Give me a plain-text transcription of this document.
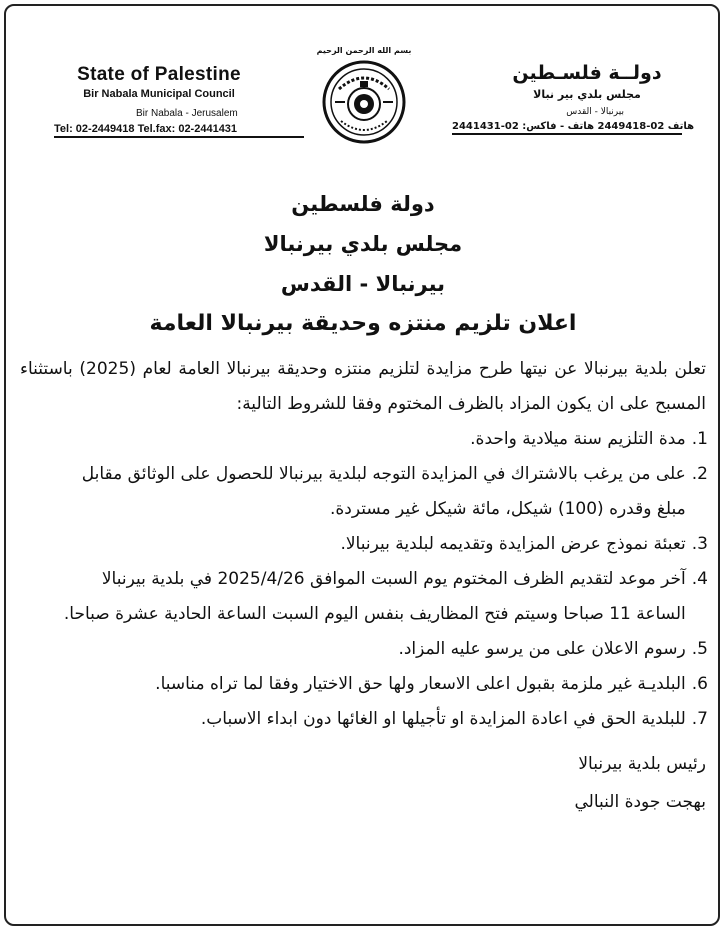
State of Palestine
Bir Nabala Municipal Council
Bir Nabala - Jerusalem
Tel: 02-2449418 Tel.fax: 02-2441431
بسم الله الرحمن الرحيم
دولــة فلسـطين
مجلس بلدي بير نبالا
بيرنبالا - القدس
هاتف 02-2449418 هاتف - فاكس: 02-2441431
دولة فلسطين
مجلس بلدي بيرنبالا
بيرنبالا - القدس
اعلان تلزيم منتزه وحديقة بيرنبالا العامة
تعلن بلدية بيرنبالا عن نيتها طرح مزايدة لتلزيم منتزه وحديقة بيرنبالا العامة لعام (2025) باستثناء المسبح على ان يكون المزاد بالظرف المختوم وفقا للشروط التالية:
1.
مدة التلزيم سنة ميلادية واحدة.
2.
على من يرغب بالاشتراك في المزايدة التوجه لبلدية بيرنبالا للحصول على الوثائق مقابل مبلغ وقدره (100) شيكل، مائة شيكل غير مستردة.
3.
تعبئة نموذج عرض المزايدة وتقديمه لبلدية بيرنبالا.
4.
آخر موعد لتقديم الظرف المختوم يوم السبت الموافق 2025/4/26 في بلدية بيرنبالا الساعة 11 صباحا وسيتم فتح المظاريف بنفس اليوم السبت الساعة الحادية عشرة صباحا.
5.
رسوم الاعلان على من يرسو عليه المزاد.
6.
البلديـة غير ملزمة بقبول اعلى الاسعار ولها حق الاختيار وفقا لما تراه مناسبا.
7.
للبلدية الحق في اعادة المزايدة او تأجيلها او الغائها دون ابداء الاسباب.
رئيس بلدية بيرنبالا
بهجت جودة النبالي
